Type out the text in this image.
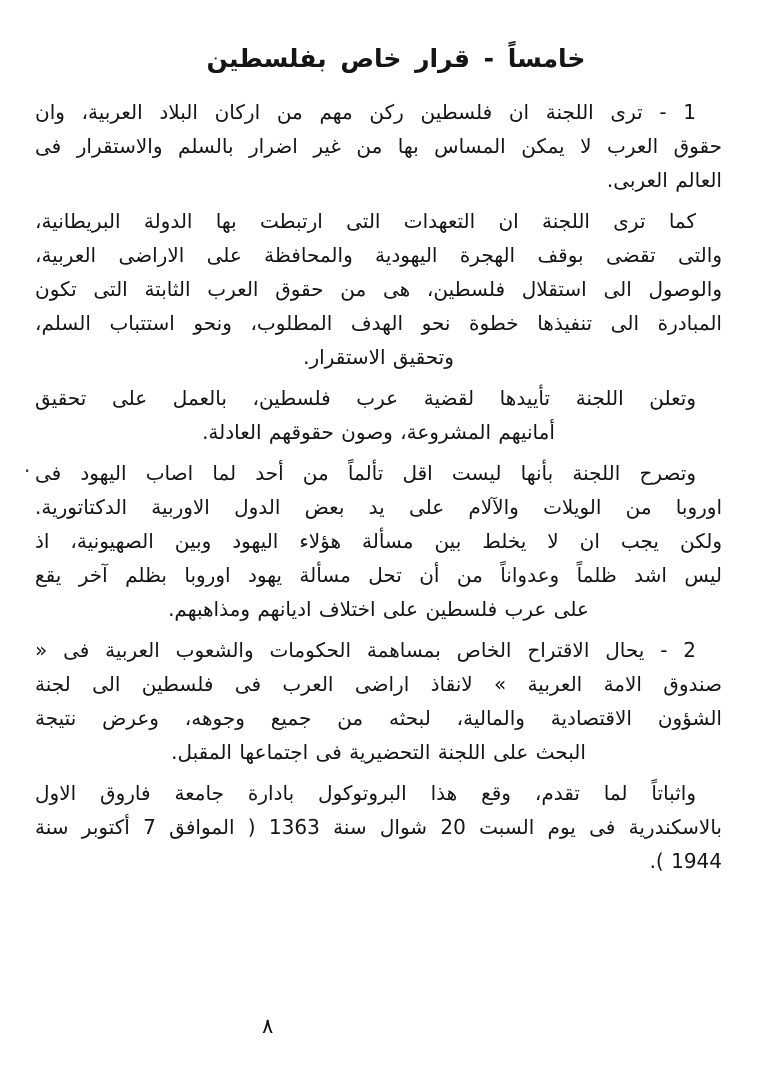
خامساً - قرار خاص بفلسطين
1 - ترى اللجنة ان فلسطين ركن مهم من اركان البلاد العربية، وان
حقوق العرب لا يمكن المساس بها من غير اضرار بالسلم والاستقرار فى
العالم العربى.
كما ترى اللجنة ان التعهدات التى ارتبطت بها الدولة البريطانية،
والتى تقضى بوقف الهجرة اليهودية والمحافظة على الاراضى العربية،
والوصول الى استقلال فلسطين، هى من حقوق العرب الثابتة التى تكون
المبادرة الى تنفيذها خطوة نحو الهدف المطلوب، ونحو استتباب السلم،
وتحقيق الاستقرار.
وتعلن اللجنة تأييدها لقضية عرب فلسطين، بالعمل على تحقيق
أمانيهم المشروعة، وصون حقوقهم العادلة.
وتصرح اللجنة بأنها ليست اقل تألماً من أحد لما اصاب اليهود فى
اوروبا من الويلات والآلام على يد بعض الدول الاوربية الدكتاتورية.
ولكن يجب ان لا يخلط بين مسألة هؤلاء اليهود وبين الصهيونية، اذ
ليس اشد ظلماً وعدواناً من أن تحل مسألة يهود اوروبا بظلم آخر يقع
على عرب فلسطين على اختلاف اديانهم ومذاهبهم.
2 - يحال الاقتراح الخاص بمساهمة الحكومات والشعوب العربية فى «
صندوق الامة العربية » لانقاذ اراضى العرب فى فلسطين الى لجنة
الشؤون الاقتصادية والمالية، لبحثه من جميع وجوهه، وعرض نتيجة
البحث على اللجنة التحضيرية فى اجتماعها المقبل.
واثباتاً لما تقدم، وقع هذا البروتوكول بادارة جامعة فاروق الاول
بالاسكندرية فى يوم السبت 20 شوال سنة 1363 ( الموافق 7 أكتوبر سنة
1944 ).
·
٨
